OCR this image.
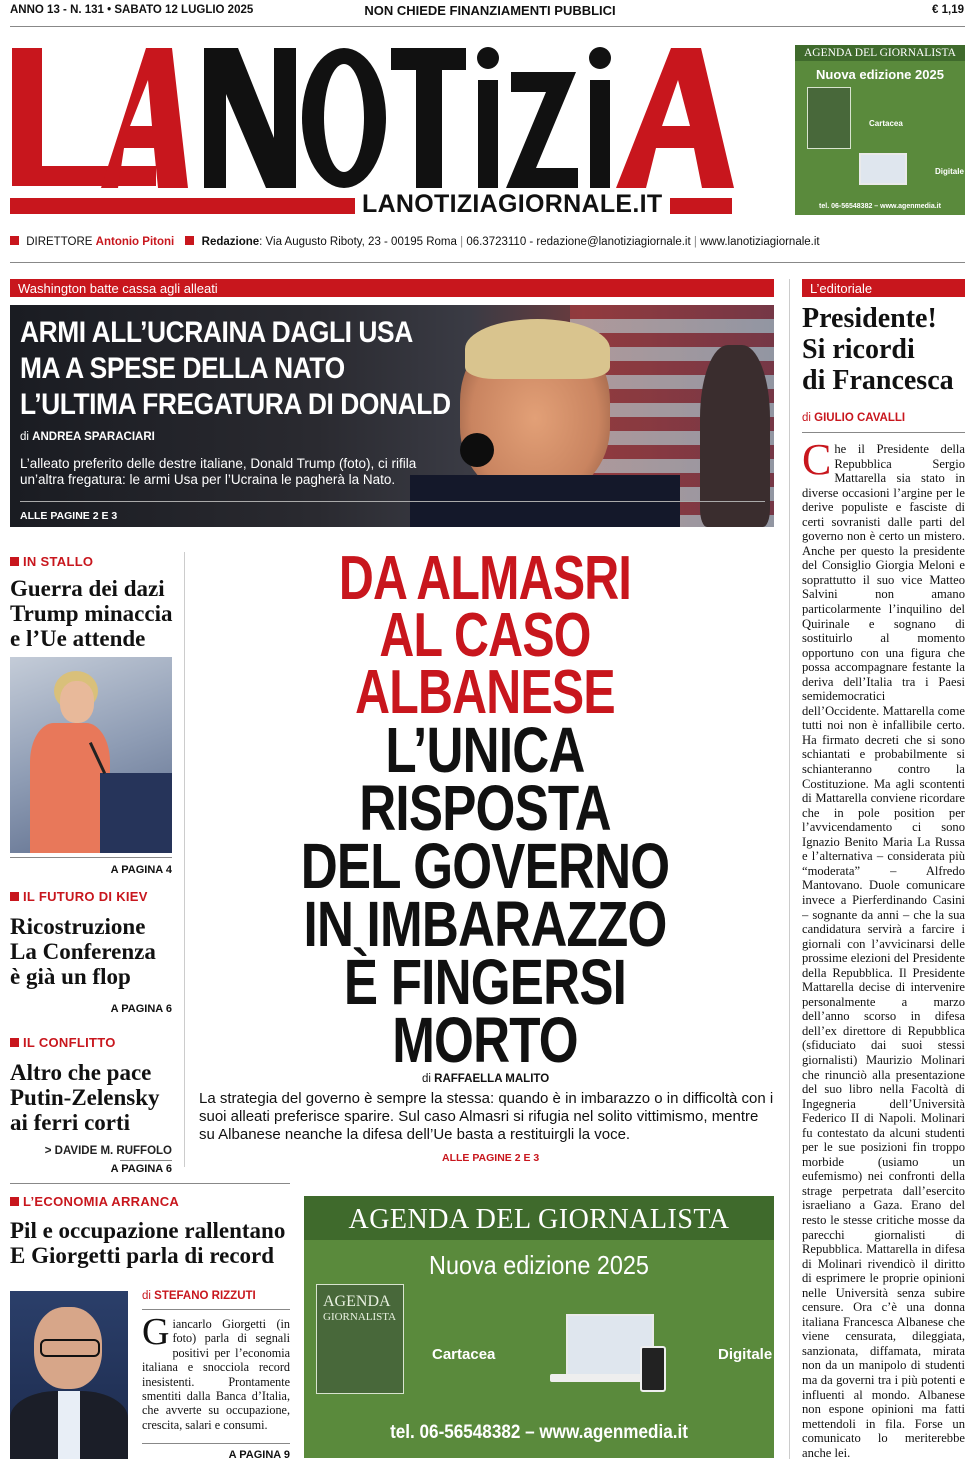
ANNO 13 - N. 131 • SABATO 12 LUGLIO 2025	NON CHIEDE FINANZIAMENTI PUBBLICI	€ 1,19
LANOTIZIAGIORNALE.IT
AGENDA DEL GIORNALISTA
Nuova edizione 2025
Cartacea
Digitale
tel. 06-56548382 – www.agenmedia.it
DIRETTORE Antonio Pitoni Redazione: Via Augusto Riboty, 23 - 00195 Roma | 06.3723110 - redazione@lanotiziagiornale.it | www.lanotiziagiornale.it
Washington batte cassa agli alleati
ARMI ALL’UCRAINA DAGLI USA
MA A SPESE DELLA NATO
L’ULTIMA FREGATURA DI DONALD
di ANDREA SPARACIARI
L’alleato preferito delle destre italiane, Donald Trump (foto), ci rifila un’altra fregatura: le armi Usa per l’Ucraina le pagherà la Nato.
ALLE PAGINE 2 E 3
L’editoriale
Presidente!
Si ricordi
di Francesca
di GIULIO CAVALLI
Che il Presidente della Repubblica Sergio Mattarella sia stato in diverse occasioni l’argine per le derive populiste e fasciste di certi sovranisti dalle parti del governo non è certo un mistero. Anche per questo la presidente del Consiglio Giorgia Meloni e soprattutto il suo vice Matteo Salvini non amano particolarmente l’inquilino del Quirinale e sognano di sostituirlo al momento opportuno con una figura che possa accompagnare festante la deriva dell’Italia tra i Paesi semidemocratici dell’Occidente. Mattarella come tutti noi non è infallibile certo. Ha firmato decreti che si sono schiantati e probabilmente si schianteranno contro la Costituzione. Ma agli scontenti di Mattarella conviene ricordare che in pole position per l’avvicendamento ci sono Ignazio Benito Maria La Russa e l’alternativa – considerata più “moderata” – Alfredo Mantovano. Duole comunicare invece a Pierferdinando Casini – sognante da anni – che la sua candidatura servirà a farcire i giornali con l’avvicinarsi delle prossime elezioni del Presidente della Repubblica. Il Presidente Mattarella decise di intervenire personalmente a marzo dell’anno scorso in difesa dell’ex direttore di Repubblica (sfiduciato dai suoi stessi giornalisti) Maurizio Molinari che rinunciò alla presentazione del suo libro nella Facoltà di Ingegneria dell’Università Federico II di Napoli. Molinari fu contestato da alcuni studenti per le sue posizioni fin troppo morbide (usiamo un eufemismo) nei confronti della strage perpetrata dall’esercito israeliano a Gaza. Erano del resto le stesse critiche mosse da parecchi giornalisti di Repubblica. Mattarella in difesa di Molinari rivendicò il diritto di esprimere le proprie opinioni nelle Università senza subire censure. Ora c’è una donna italiana Francesca Albanese che viene censurata, dileggiata, sanzionata, diffamata, mirata non da un manipolo di studenti ma da governi tra i più potenti e influenti al mondo. Albanese non espone opinioni ma fatti mettendoli in fila. Forse un comunicato lo meriterebbe anche lei.
IN STALLO
Guerra dei dazi
Trump minaccia
e l’Ue attende
A PAGINA 4
IL FUTURO DI KIEV
Ricostruzione
La Conferenza
è già un flop
A PAGINA 6
IL CONFLITTO
Altro che pace
Putin-Zelensky
ai ferri corti
> DAVIDE M. RUFFOLO
A PAGINA 6
DA ALMASRI
AL CASO
ALBANESE
L’UNICA
RISPOSTA
DEL GOVERNO
IN IMBARAZZO
È FINGERSI
MORTO
di RAFFAELLA MALITO
La strategia del governo è sempre la stessa: quando è in imbarazzo o in difficoltà con i suoi alleati preferisce sparire. Sul caso Almasri si rifugia nel solito vittimismo, mentre su Albanese neanche la difesa dell’Ue basta a restituirgli la voce.
ALLE PAGINE 2 E 3
L’ECONOMIA ARRANCA
Pil e occupazione rallentano
E Giorgetti parla di record
di STEFANO RIZZUTI
Giancarlo Giorgetti (in foto) parla di segnali positivi per l’economia italiana e snocciola record inesistenti. Prontamente smentiti dalla Banca d’Italia, che avverte su occupazione, crescita, salari e consumi.
A PAGINA 9
AGENDA DEL GIORNALISTA
Nuova edizione 2025
AGENDA
GIORNALISTA
Cartacea	Digitale
tel. 06-56548382 – www.agenmedia.it
